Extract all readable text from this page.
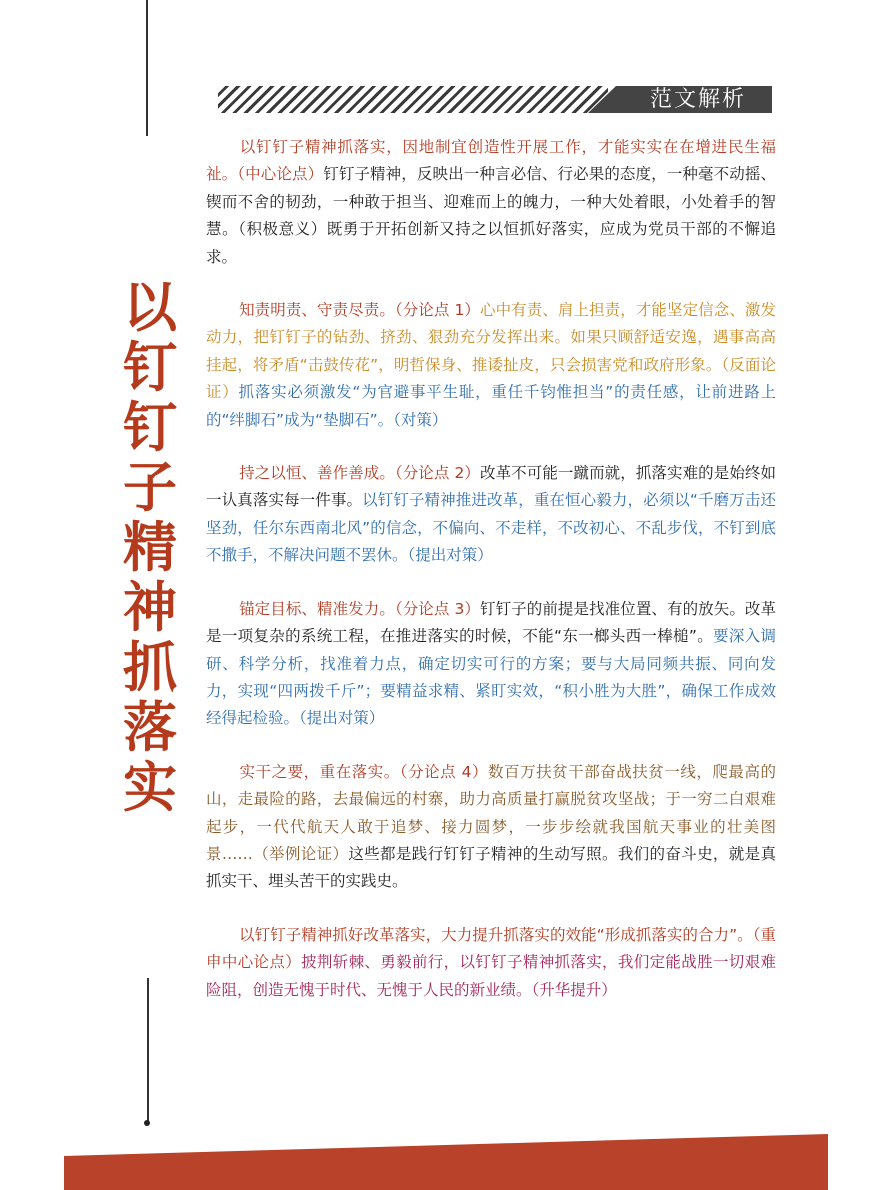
范文解析
以钉钉子精神抓落实

以钉钉子精神抓落实，因地制宜创造性开展工作，才能实实在在增进民生福祉。（中心论点）钉钉子精神，反映出一种言必信、行必果的态度，一种毫不动摇、锲而不舍的韧劲，一种敢于担当、迎难而上的魄力，一种大处着眼，小处着手的智慧。（积极意义）既勇于开拓创新又持之以恒抓好落实，应成为党员干部的不懈追求。

知责明责、守责尽责。（分论点 1）心中有责、肩上担责，才能坚定信念、激发动力，把钉钉子的钻劲、挤劲、狠劲充分发挥出来。如果只顾舒适安逸，遇事高高挂起，将矛盾“击鼓传花”，明哲保身、推诿扯皮，只会损害党和政府形象。（反面论证）抓落实必须激发“为官避事平生耻，重任千钧惟担当”的责任感，让前进路上的“绊脚石”成为“垫脚石”。（对策）

持之以恒、善作善成。（分论点 2）改革不可能一蹴而就，抓落实难的是始终如一认真落实每一件事。以钉钉子精神推进改革，重在恒心毅力，必须以“千磨万击还坚劲，任尔东西南北风”的信念，不偏向、不走样，不改初心、不乱步伐，不钉到底不撒手，不解决问题不罢休。（提出对策）

锚定目标、精准发力。（分论点 3）钉钉子的前提是找准位置、有的放矢。改革是一项复杂的系统工程，在推进落实的时候，不能“东一榔头西一棒槌”。要深入调研、科学分析，找准着力点，确定切实可行的方案；要与大局同频共振、同向发力，实现“四两拨千斤”；要精益求精、紧盯实效，“积小胜为大胜”，确保工作成效经得起检验。（提出对策）

实干之要，重在落实。（分论点 4）数百万扶贫干部奋战扶贫一线，爬最高的山，走最险的路，去最偏远的村寨，助力高质量打赢脱贫攻坚战；于一穷二白艰难起步，一代代航天人敢于追梦、接力圆梦，一步步绘就我国航天事业的壮美图景……（举例论证）这些都是践行钉钉子精神的生动写照。我们的奋斗史，就是真抓实干、埋头苦干的实践史。

以钉钉子精神抓好改革落实，大力提升抓落实的效能“形成抓落实的合力”。（重申中心论点）披荆斩棘、勇毅前行，以钉钉子精神抓落实，我们定能战胜一切艰难险阻，创造无愧于时代、无愧于人民的新业绩。（升华提升）
